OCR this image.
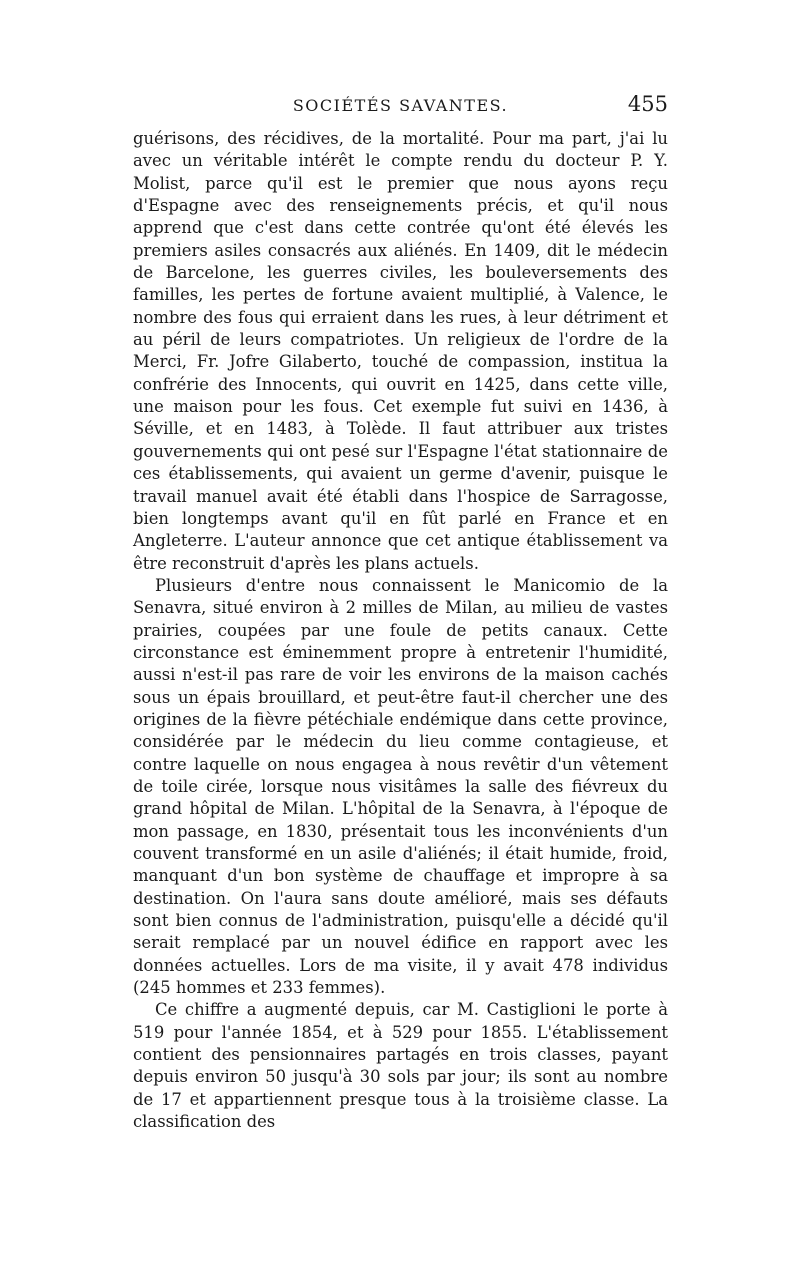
SOCIÉTÉS SAVANTES.	455

guérisons, des récidives, de la mortalité. Pour ma part, j'ai lu avec un véritable intérêt le compte rendu du docteur P. Y. Molist, parce qu'il est le premier que nous ayons reçu d'Espagne avec des renseignements précis, et qu'il nous apprend que c'est dans cette contrée qu'ont été élevés les premiers asiles consacrés aux aliénés. En 1409, dit le médecin de Barcelone, les guerres civiles, les bouleversements des familles, les pertes de fortune avaient multiplié, à Valence, le nombre des fous qui erraient dans les rues, à leur détriment et au péril de leurs compatriotes. Un religieux de l'ordre de la Merci, Fr. Jofre Gilaberto, touché de compassion, institua la confrérie des Innocents, qui ouvrit en 1425, dans cette ville, une maison pour les fous. Cet exemple fut suivi en 1436, à Séville, et en 1483, à Tolède. Il faut attribuer aux tristes gouvernements qui ont pesé sur l'Espagne l'état stationnaire de ces établissements, qui avaient un germe d'avenir, puisque le travail manuel avait été établi dans l'hospice de Sarragosse, bien longtemps avant qu'il en fût parlé en France et en Angleterre. L'auteur annonce que cet antique établissement va être reconstruit d'après les plans actuels.

Plusieurs d'entre nous connaissent le Manicomio de la Senavra, situé environ à 2 milles de Milan, au milieu de vastes prairies, coupées par une foule de petits canaux. Cette circonstance est éminemment propre à entretenir l'humidité, aussi n'est-il pas rare de voir les environs de la maison cachés sous un épais brouillard, et peut-être faut-il chercher une des origines de la fièvre pétéchiale endémique dans cette province, considérée par le médecin du lieu comme contagieuse, et contre laquelle on nous engagea à nous revêtir d'un vêtement de toile cirée, lorsque nous visitâmes la salle des fiévreux du grand hôpital de Milan. L'hôpital de la Senavra, à l'époque de mon passage, en 1830, présentait tous les inconvénients d'un couvent transformé en un asile d'aliénés; il était humide, froid, manquant d'un bon système de chauffage et impropre à sa destination. On l'aura sans doute amélioré, mais ses défauts sont bien connus de l'administration, puisqu'elle a décidé qu'il serait remplacé par un nouvel édifice en rapport avec les données actuelles. Lors de ma visite, il y avait 478 individus (245 hommes et 233 femmes).

Ce chiffre a augmenté depuis, car M. Castiglioni le porte à 519 pour l'année 1854, et à 529 pour 1855. L'établissement contient des pensionnaires partagés en trois classes, payant depuis environ 50 jusqu'à 30 sols par jour; ils sont au nombre de 17 et appartiennent presque tous à la troisième classe. La classification des
